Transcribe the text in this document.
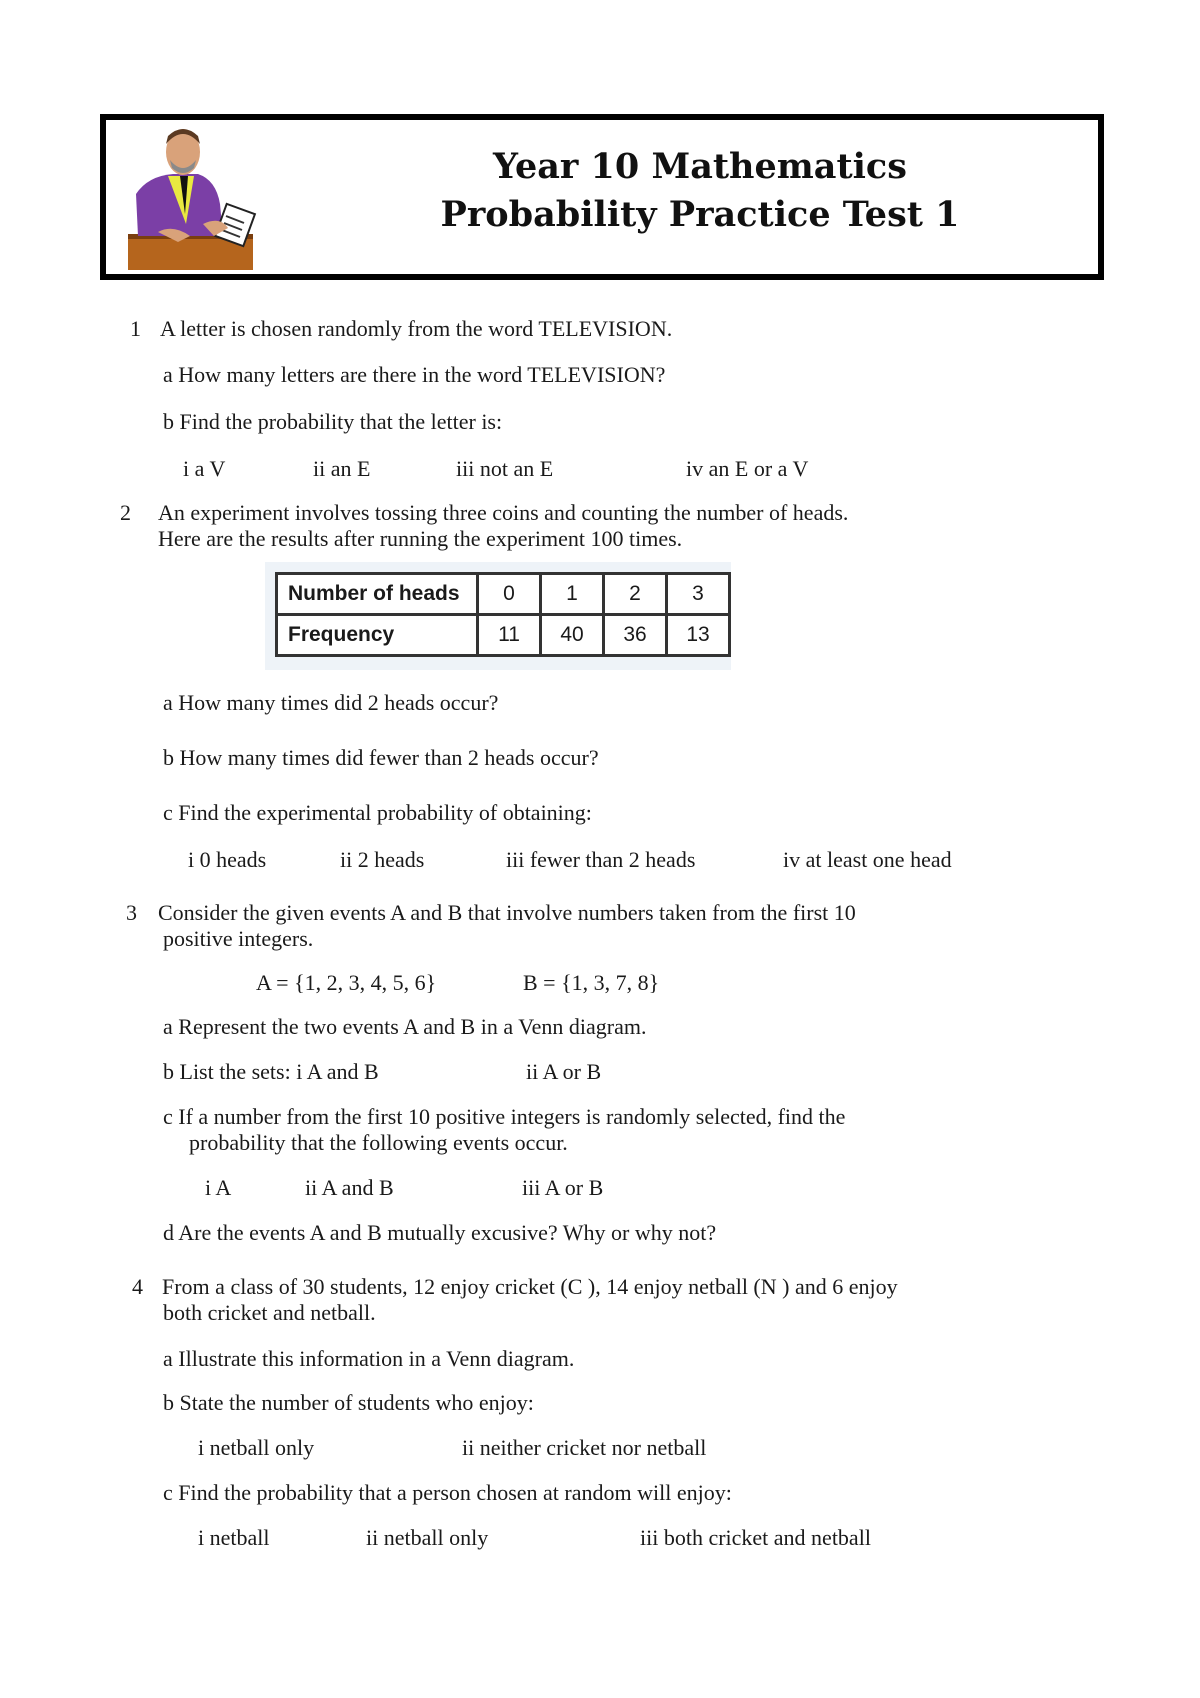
Year 10 Mathematics
Probability Practice Test 1
1 A letter is chosen randomly from the word TELEVISION.
a How many letters are there in the word TELEVISION?
b Find the probability that the letter is:
i a V	ii an E	iii not an E	iv an E or a V
2 An experiment involves tossing three coins and counting the number of heads.
Here are the results after running the experiment 100 times.
Number of heads	0	1	2	3
Frequency	11	40	36	13
a How many times did 2 heads occur?
b How many times did fewer than 2 heads occur?
c Find the experimental probability of obtaining:
i 0 heads	ii 2 heads	iii fewer than 2 heads	iv at least one head
3 Consider the given events A and B that involve numbers taken from the first 10
positive integers.
A = {1, 2, 3, 4, 5, 6}	B = {1, 3, 7, 8}
a Represent the two events A and B in a Venn diagram.
b List the sets: i A and B	ii A or B
c If a number from the first 10 positive integers is randomly selected, find the
probability that the following events occur.
i A	ii A and B	iii A or B
d Are the events A and B mutually excusive? Why or why not?
4 From a class of 30 students, 12 enjoy cricket (C ), 14 enjoy netball (N ) and 6 enjoy
both cricket and netball.
a Illustrate this information in a Venn diagram.
b State the number of students who enjoy:
i netball only	ii neither cricket nor netball
c Find the probability that a person chosen at random will enjoy:
i netball	ii netball only	iii both cricket and netball
